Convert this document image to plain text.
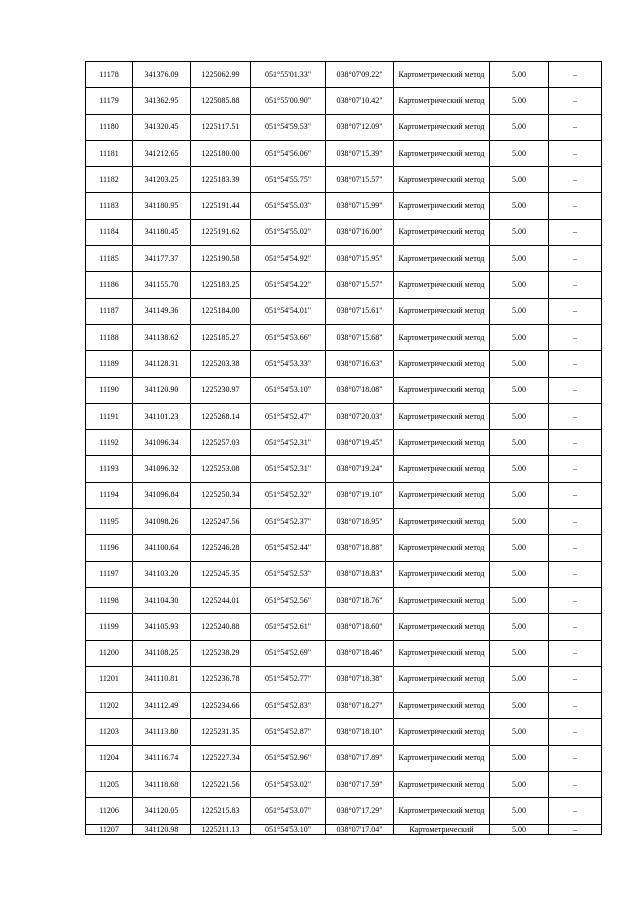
11178	341376.09	1225062.99	051°55'01.33"	038°07'09.22"	Картометрический метод	5.00	–
11179	341362.95	1225085.88	051°55'00.90"	038°07'10.42"	Картометрический метод	5.00	–
11180	341320.45	1225117.51	051°54'59.53"	038°07'12.09"	Картометрический метод	5.00	–
11181	341212.65	1225180.00	051°54'56.06"	038°07'15.39"	Картометрический метод	5.00	–
11182	341203.25	1225183.39	051°54'55.75"	038°07'15.57"	Картометрический метод	5.00	–
11183	341180.95	1225191.44	051°54'55.03"	038°07'15.99"	Картометрический метод	5.00	–
11184	341180.45	1225191.62	051°54'55.02"	038°07'16.00"	Картометрический метод	5.00	–
11185	341177.37	1225190.58	051°54'54.92"	038°07'15.95"	Картометрический метод	5.00	–
11186	341155.70	1225183.25	051°54'54.22"	038°07'15.57"	Картометрический метод	5.00	–
11187	341149.36	1225184.00	051°54'54.01"	038°07'15.61"	Картометрический метод	5.00	–
11188	341138.62	1225185.27	051°54'53.66"	038°07'15.68"	Картометрический метод	5.00	–
11189	341128.31	1225203.38	051°54'53.33"	038°07'16.63"	Картометрический метод	5.00	–
11190	341120.90	1225230.97	051°54'53.10"	038°07'18.08"	Картометрический метод	5.00	–
11191	341101.23	1225268.14	051°54'52.47"	038°07'20.03"	Картометрический метод	5.00	–
11192	341096.34	1225257.03	051°54'52.31"	038°07'19.45"	Картометрический метод	5.00	–
11193	341096.32	1225253.08	051°54'52.31"	038°07'19.24"	Картометрический метод	5.00	–
11194	341096.84	1225250.34	051°54'52.32"	038°07'19.10"	Картометрический метод	5.00	–
11195	341098.26	1225247.56	051°54'52.37"	038°07'18.95"	Картометрический метод	5.00	–
11196	341100.64	1225246.28	051°54'52.44"	038°07'18.88"	Картометрический метод	5.00	–
11197	341103.20	1225245.35	051°54'52.53"	038°07'18.83"	Картометрический метод	5.00	–
11198	341104.30	1225244.01	051°54'52.56"	038°07'18.76"	Картометрический метод	5.00	–
11199	341105.93	1225240.88	051°54'52.61"	038°07'18.60"	Картометрический метод	5.00	–
11200	341108.25	1225238.29	051°54'52.69"	038°07'18.46"	Картометрический метод	5.00	–
11201	341110.81	1225236.78	051°54'52.77"	038°07'18.38"	Картометрический метод	5.00	–
11202	341112.49	1225234.66	051°54'52.83"	038°07'18.27"	Картометрический метод	5.00	–
11203	341113.80	1225231.35	051°54'52.87"	038°07'18.10"	Картометрический метод	5.00	–
11204	341116.74	1225227.34	051°54'52.96"	038°07'17.89"	Картометрический метод	5.00	–
11205	341118.68	1225221.56	051°54'53.02"	038°07'17.59"	Картометрический метод	5.00	–
11206	341120.05	1225215.83	051°54'53.07"	038°07'17.29"	Картометрический метод	5.00	–
11207	341120.98	1225211.13	051°54'53.10"	038°07'17.04"	Картометрический	5.00	–
